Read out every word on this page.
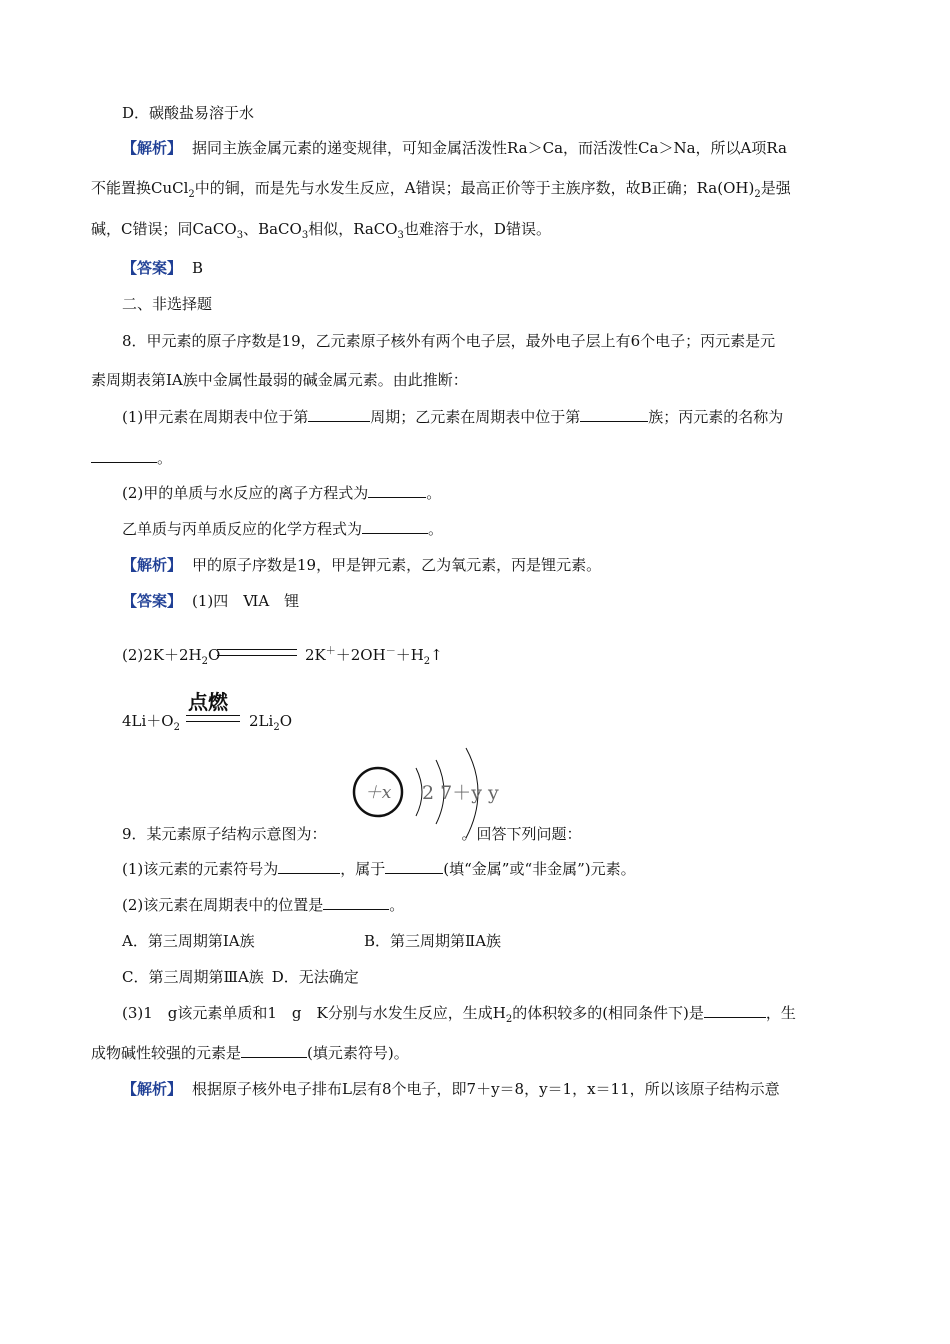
D．碳酸盐易溶于水
【解析】 据同主族金属元素的递变规律，可知金属活泼性Ra＞Ca，而活泼性Ca＞Na，所以A项Ra
不能置换CuCl$_2$中的铜，而是先与水发生反应，A错误；最高正价等于主族序数，故B正确；$Ra(OH)_2$是强
碱，C错误；同CaCO$_3$、BaCO$_3$相似，RaCO$_3$也难溶于水，D错误。
【答案】 B
二、非选择题
8．甲元素的原子序数是19，乙元素原子核外有两个电子层，最外电子层上有6个电子；丙元素是元
素周期表第ⅠA族中金属性最弱的碱金属元素。由此推断：
(1)甲元素在周期表中位于第	周期；乙元素在周期表中位于第	族；丙元素的名称为
。
(2)甲的单质与水反应的离子方程式为	。
乙单质与丙单质反应的化学方程式为	。
【解析】 甲的原子序数是19，甲是钾元素，乙为氧元素，丙是锂元素。
【答案】 (1)四　ⅥA　锂
$(2)2K+2H_2O$	$2K^++2OH^-+H_2↑$
点燃
$4Li+O_2$	$2Li_2O$
＋x 2 7＋y y
9．某元素原子结构示意图为：	。回答下列问题：
(1)该元素的元素符号为	，属于	(填“金属”或“非金属”)元素。
(2)该元素在周期表中的位置是	。
A．第三周期第ⅠA族	B．第三周期第ⅡA族
C．第三周期第ⅢA族 D．无法确定
(3)1　g该元素单质和1　g　K分别与水发生反应，生成$H_2$的体积较多的(相同条件下)是	，生
成物碱性较强的元素是	(填元素符号)。
【解析】 根据原子核外电子排布L层有8个电子，即7＋y＝8，y＝1，x＝11，所以该原子结构示意
